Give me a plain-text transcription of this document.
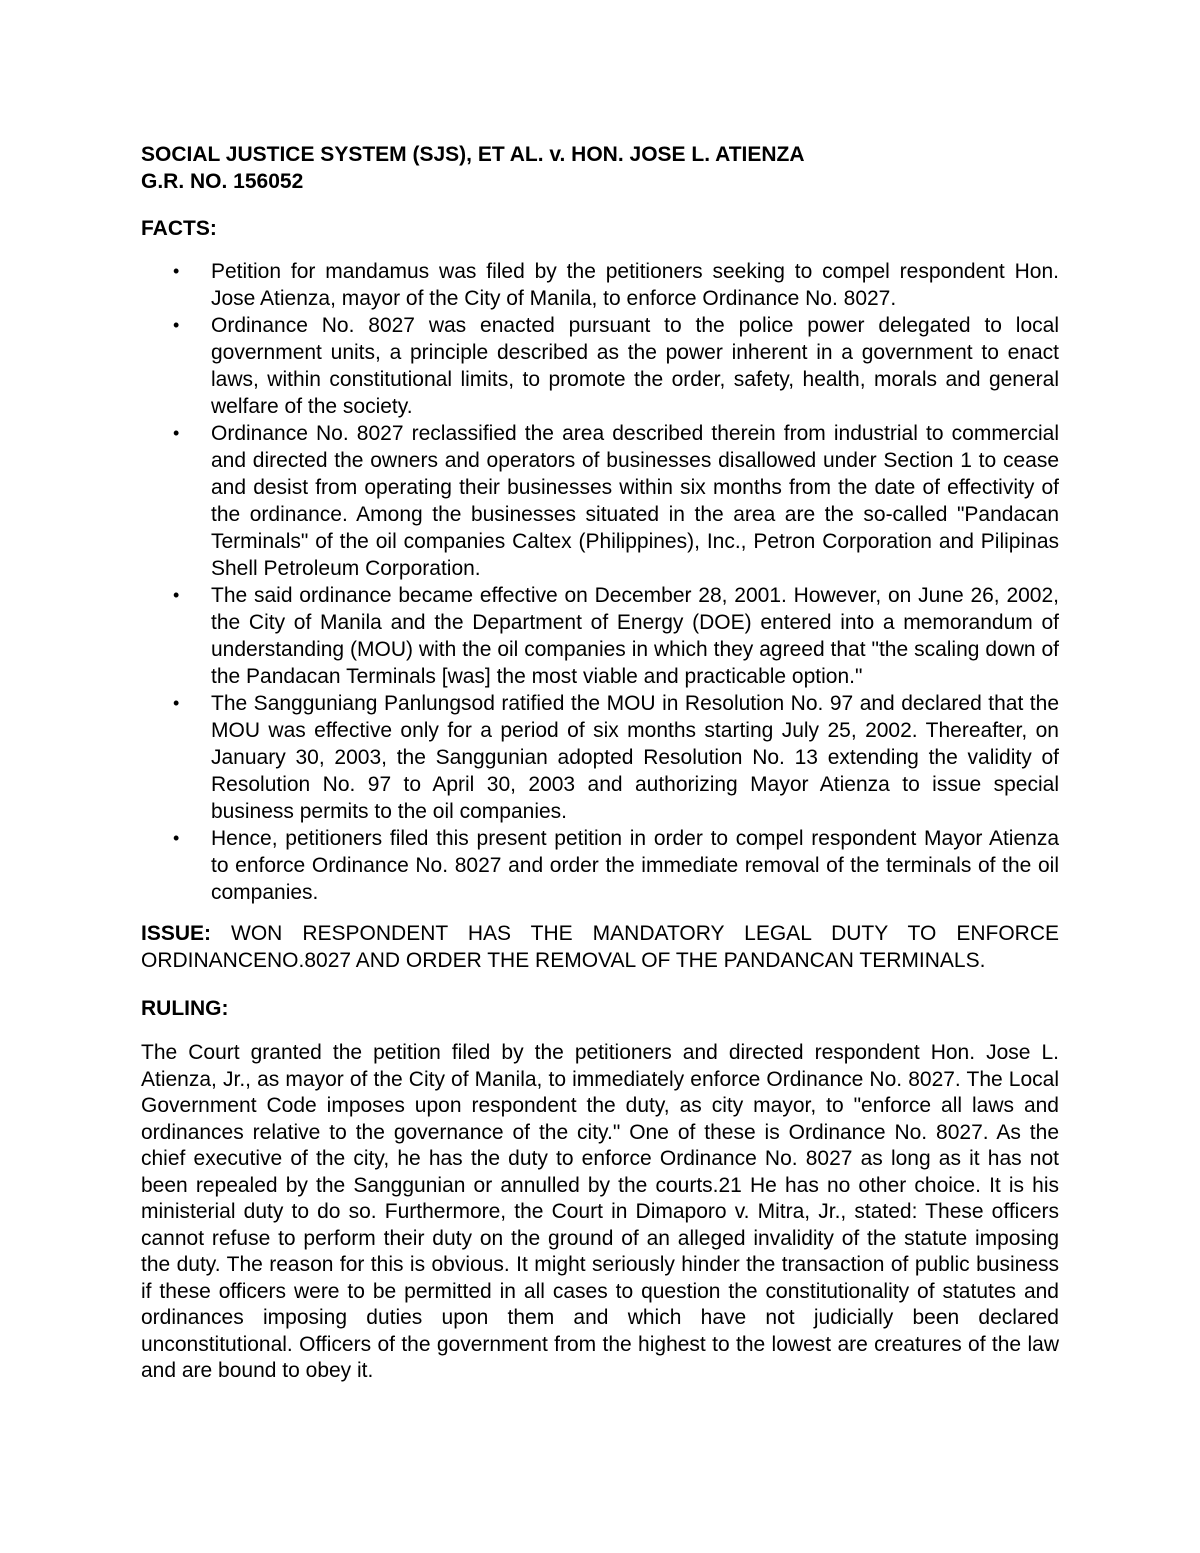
SOCIAL JUSTICE SYSTEM (SJS), ET AL. v. HON. JOSE L. ATIENZA

G.R. NO. 156052

FACTS:

• Petition for mandamus was filed by the petitioners seeking to compel respondent Hon. Jose Atienza, mayor of the City of Manila, to enforce Ordinance No. 8027.
• Ordinance No. 8027 was enacted pursuant to the police power delegated to local government units, a principle described as the power inherent in a government to enact laws, within constitutional limits, to promote the order, safety, health, morals and general welfare of the society.
• Ordinance No. 8027 reclassified the area described therein from industrial to commercial and directed the owners and operators of businesses disallowed under Section 1 to cease and desist from operating their businesses within six months from the date of effectivity of the ordinance. Among the businesses situated in the area are the so-called "Pandacan Terminals" of the oil companies Caltex (Philippines), Inc., Petron Corporation and Pilipinas Shell Petroleum Corporation.
• The said ordinance became effective on December 28, 2001. However, on June 26, 2002, the City of Manila and the Department of Energy (DOE) entered into a memorandum of understanding (MOU) with the oil companies in which they agreed that "the scaling down of the Pandacan Terminals [was] the most viable and practicable option."
• The Sangguniang Panlungsod ratified the MOU in Resolution No. 97 and declared that the MOU was effective only for a period of six months starting July 25, 2002. Thereafter, on January 30, 2003, the Sanggunian adopted Resolution No. 13 extending the validity of Resolution No. 97 to April 30, 2003 and authorizing Mayor Atienza to issue special business permits to the oil companies.
• Hence, petitioners filed this present petition in order to compel respondent Mayor Atienza to enforce Ordinance No. 8027 and order the immediate removal of the terminals of the oil companies.

ISSUE: WON RESPONDENT HAS THE MANDATORY LEGAL DUTY TO ENFORCE ORDINANCENO.8027 AND ORDER THE REMOVAL OF THE PANDANCAN TERMINALS.

RULING:

The Court granted the petition filed by the petitioners and directed respondent Hon. Jose L. Atienza, Jr., as mayor of the City of Manila, to immediately enforce Ordinance No. 8027. The Local Government Code imposes upon respondent the duty, as city mayor, to "enforce all laws and ordinances relative to the governance of the city." One of these is Ordinance No. 8027. As the chief executive of the city, he has the duty to enforce Ordinance No. 8027 as long as it has not been repealed by the Sanggunian or annulled by the courts.21 He has no other choice. It is his ministerial duty to do so. Furthermore, the Court in Dimaporo v. Mitra, Jr., stated: These officers cannot refuse to perform their duty on the ground of an alleged invalidity of the statute imposing the duty. The reason for this is obvious. It might seriously hinder the transaction of public business if these officers were to be permitted in all cases to question the constitutionality of statutes and ordinances imposing duties upon them and which have not judicially been declared unconstitutional. Officers of the government from the highest to the lowest are creatures of the law and are bound to obey it.
